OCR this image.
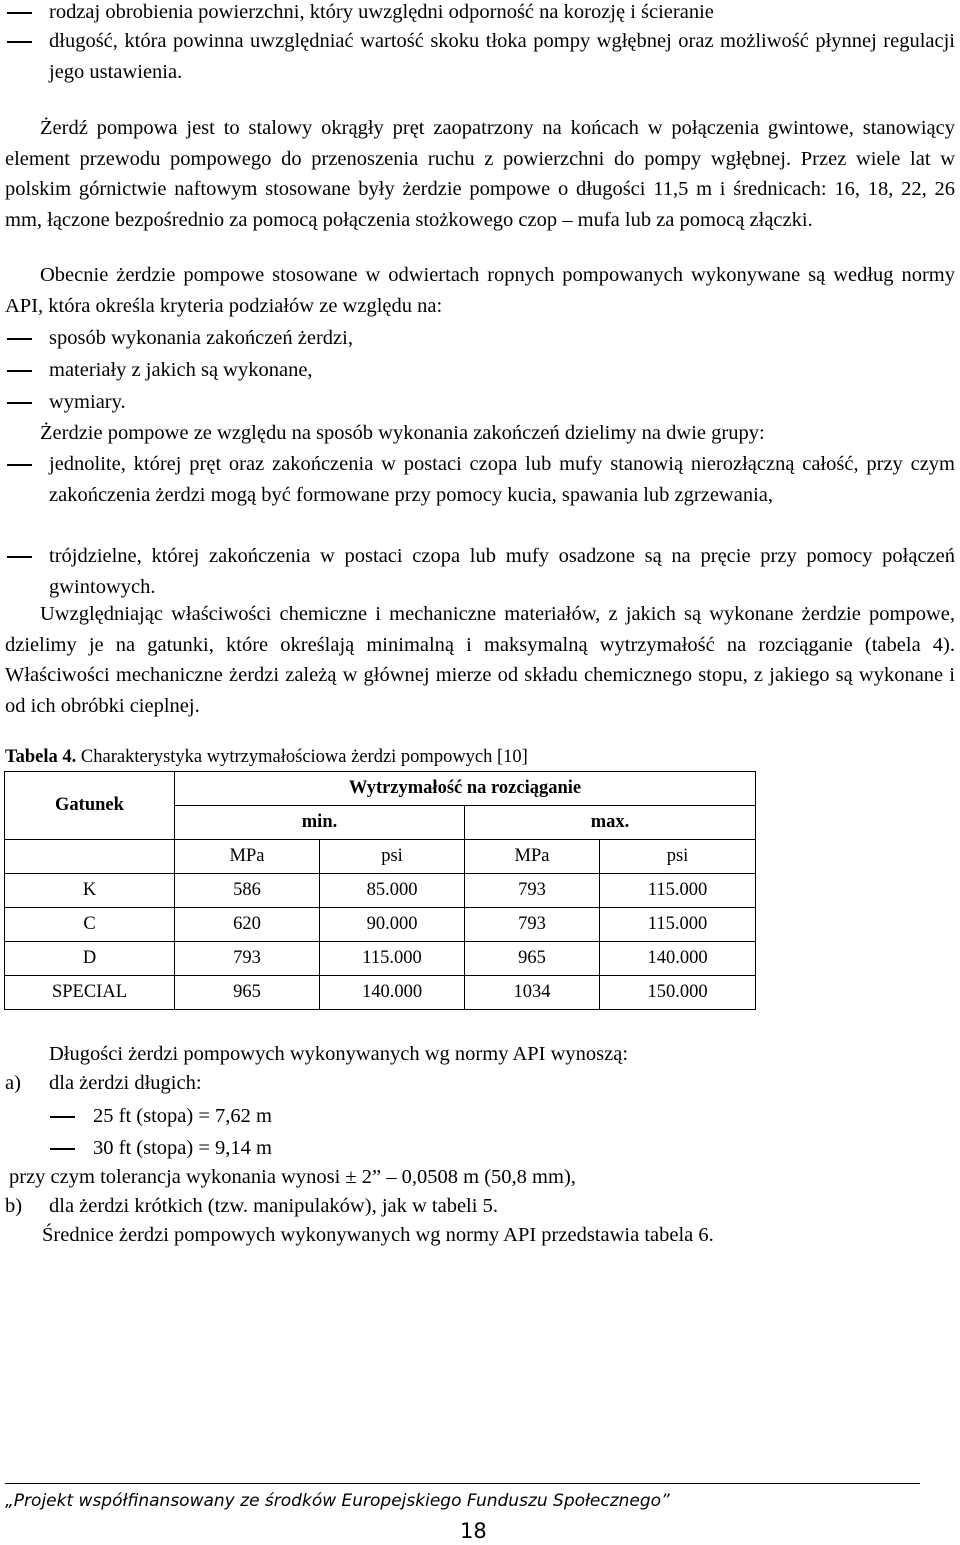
rodzaj obrobienia powierzchni, który uwzględni odporność na korozję i ścieranie
długość, która powinna uwzględniać wartość skoku tłoka pompy wgłębnej oraz możliwość płynnej regulacji jego ustawienia.
Żerdź pompowa jest to stalowy okrągły pręt zaopatrzony na końcach w połączenia gwintowe, stanowiący element przewodu pompowego do przenoszenia ruchu z powierzchni do pompy wgłębnej. Przez wiele lat w polskim górnictwie naftowym stosowane były żerdzie pompowe o długości 11,5 m i średnicach: 16, 18, 22, 26 mm, łączone bezpośrednio za pomocą połączenia stożkowego czop – mufa lub za pomocą złączki.
Obecnie żerdzie pompowe stosowane w odwiertach ropnych pompowanych wykonywane są według normy API, która określa kryteria podziałów ze względu na:
sposób wykonania zakończeń żerdzi,
materiały z jakich są wykonane,
wymiary.
Żerdzie pompowe ze względu na sposób wykonania zakończeń dzielimy na dwie grupy:
jednolite, której pręt oraz zakończenia w postaci czopa lub mufy stanowią nierozłączną całość, przy czym zakończenia żerdzi mogą być formowane przy pomocy kucia, spawania lub zgrzewania,
trójdzielne, której zakończenia w postaci czopa lub mufy osadzone są na pręcie przy pomocy połączeń gwintowych.
Uwzględniając właściwości chemiczne i mechaniczne materiałów, z jakich są wykonane żerdzie pompowe, dzielimy je na gatunki, które określają minimalną i maksymalną wytrzymałość na rozciąganie (tabela 4). Właściwości mechaniczne żerdzi zależą w głównej mierze od składu chemicznego stopu, z jakiego są wykonane i od ich obróbki cieplnej.
Tabela 4. Charakterystyka wytrzymałościowa żerdzi pompowych [10]
Gatunek	Wytrzymałość na rozciąganie			
	min.		max.	
	MPa	psi	MPa	psi
K	586	85.000	793	115.000
C	620	90.000	793	115.000
D	793	115.000	965	140.000
SPECIAL	965	140.000	1034	150.000
Długości żerdzi pompowych wykonywanych wg normy API wynoszą:
a) dla żerdzi długich:
25 ft (stopa) = 7,62 m
30 ft (stopa) = 9,14 m
przy czym tolerancja wykonania wynosi ± 2” – 0,0508 m (50,8 mm),
b) dla żerdzi krótkich (tzw. manipulaków), jak w tabeli 5.
Średnice żerdzi pompowych wykonywanych wg normy API przedstawia tabela 6.
„Projekt współfinansowany ze środków Europejskiego Funduszu Społecznego”
18
